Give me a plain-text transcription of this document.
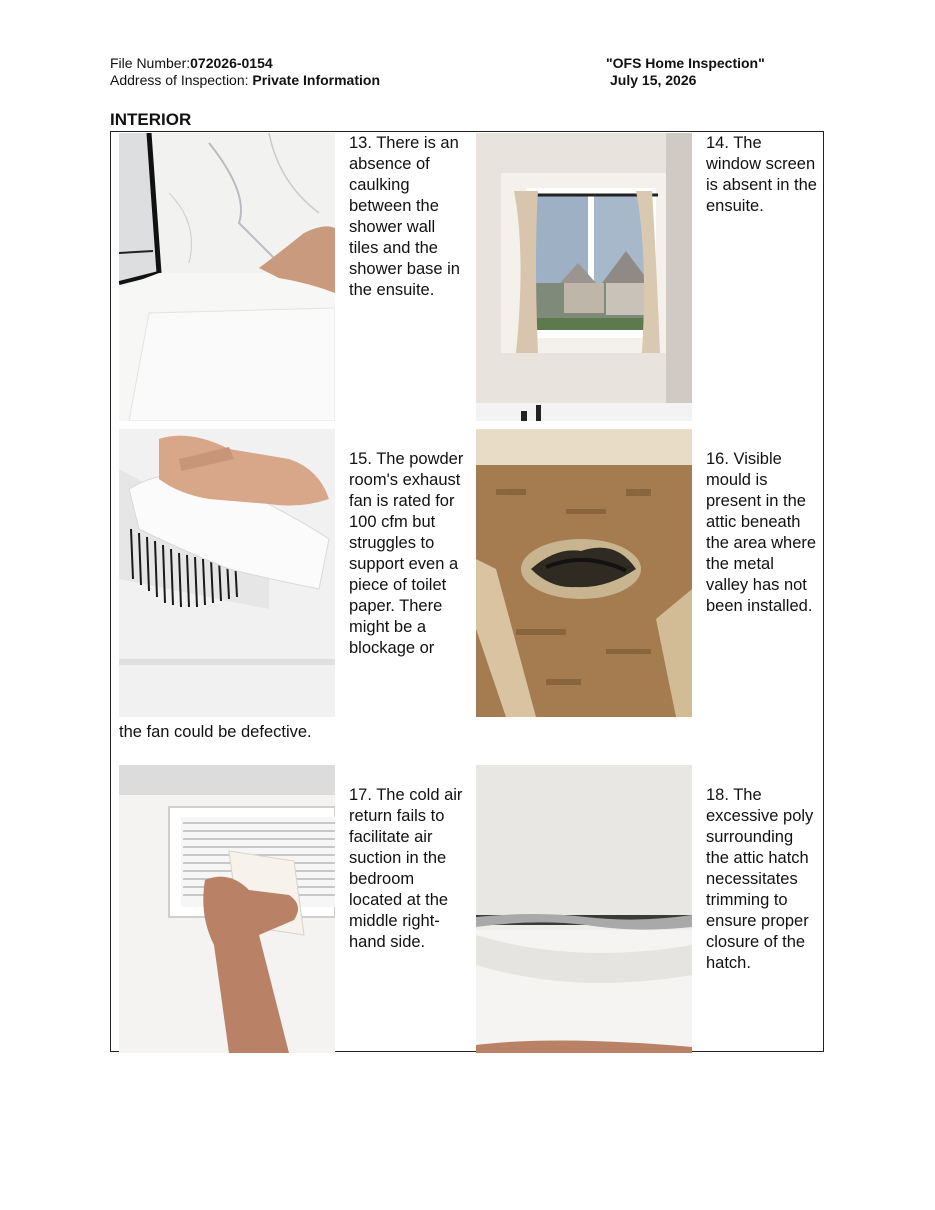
File Number:072026-0154
Address of Inspection: Private Information
"OFS Home Inspection"
July 15, 2026
INTERIOR
13. There is an absence of caulking between the shower wall tiles and the shower base in the ensuite.
14. The window screen is absent in the ensuite.
15. The powder room's exhaust fan is rated for 100 cfm but struggles to support even a piece of toilet paper. There might be a blockage or
the fan could be defective.
16. Visible mould is present in the attic beneath the area where the metal valley has not been installed.
17. The cold air return fails to facilitate air suction in the bedroom located at the middle right-hand side.
18. The excessive poly surrounding the attic hatch necessitates trimming to ensure proper closure of the hatch.
